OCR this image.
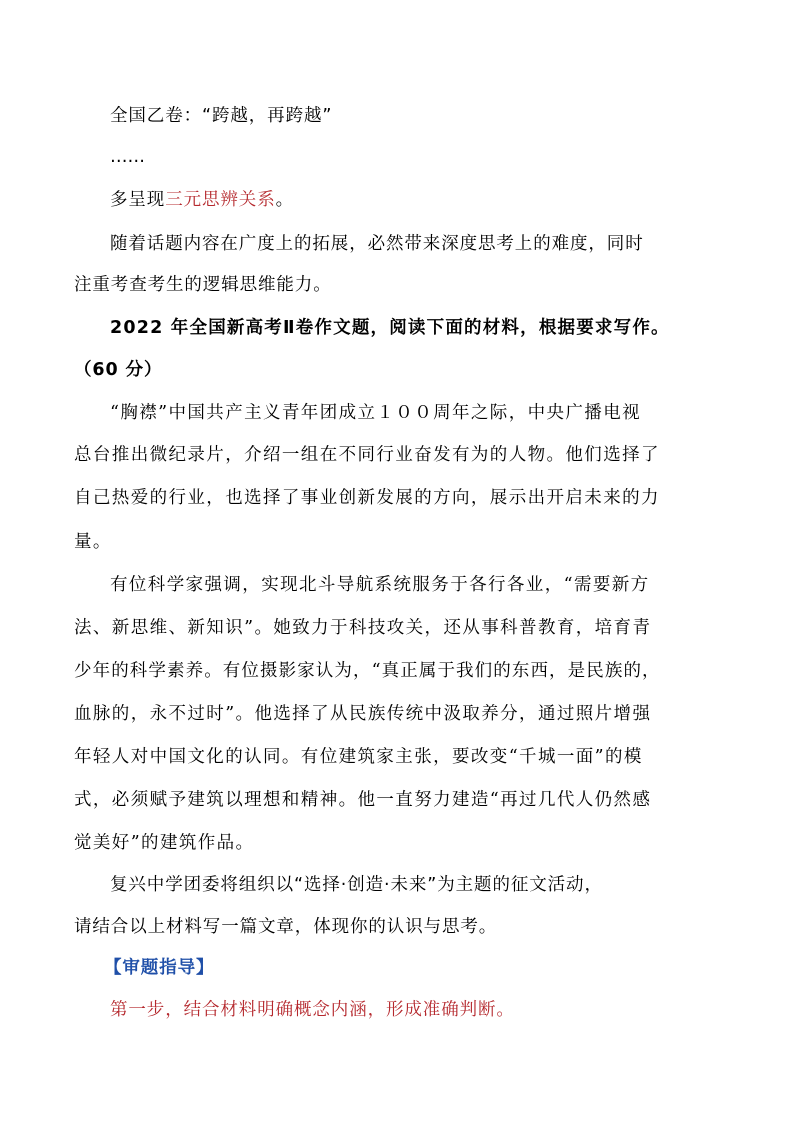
全国乙卷：“跨越，再跨越”
……
多呈现三元思辨关系。
随着话题内容在广度上的拓展，必然带来深度思考上的难度，同时
注重考查考生的逻辑思维能力。
2022 年全国新高考Ⅱ卷作文题，阅读下面的材料，根据要求写作。
（60 分）
“胸襟”中国共产主义青年团成立１００周年之际，中央广播电视
总台推出微纪录片，介绍一组在不同行业奋发有为的人物。他们选择了
自己热爱的行业，也选择了事业创新发展的方向，展示出开启未来的力
量。
有位科学家强调，实现北斗导航系统服务于各行各业，“需要新方
法、新思维、新知识”。她致力于科技攻关，还从事科普教育，培育青
少年的科学素养。有位摄影家认为，“真正属于我们的东西，是民族的，
血脉的，永不过时”。他选择了从民族传统中汲取养分，通过照片增强
年轻人对中国文化的认同。有位建筑家主张，要改变“千城一面”的模
式，必须赋予建筑以理想和精神。他一直努力建造“再过几代人仍然感
觉美好”的建筑作品。
复兴中学团委将组织以“选择·创造·未来”为主题的征文活动，
请结合以上材料写一篇文章，体现你的认识与思考。
【审题指导】
第一步，结合材料明确概念内涵，形成准确判断。
